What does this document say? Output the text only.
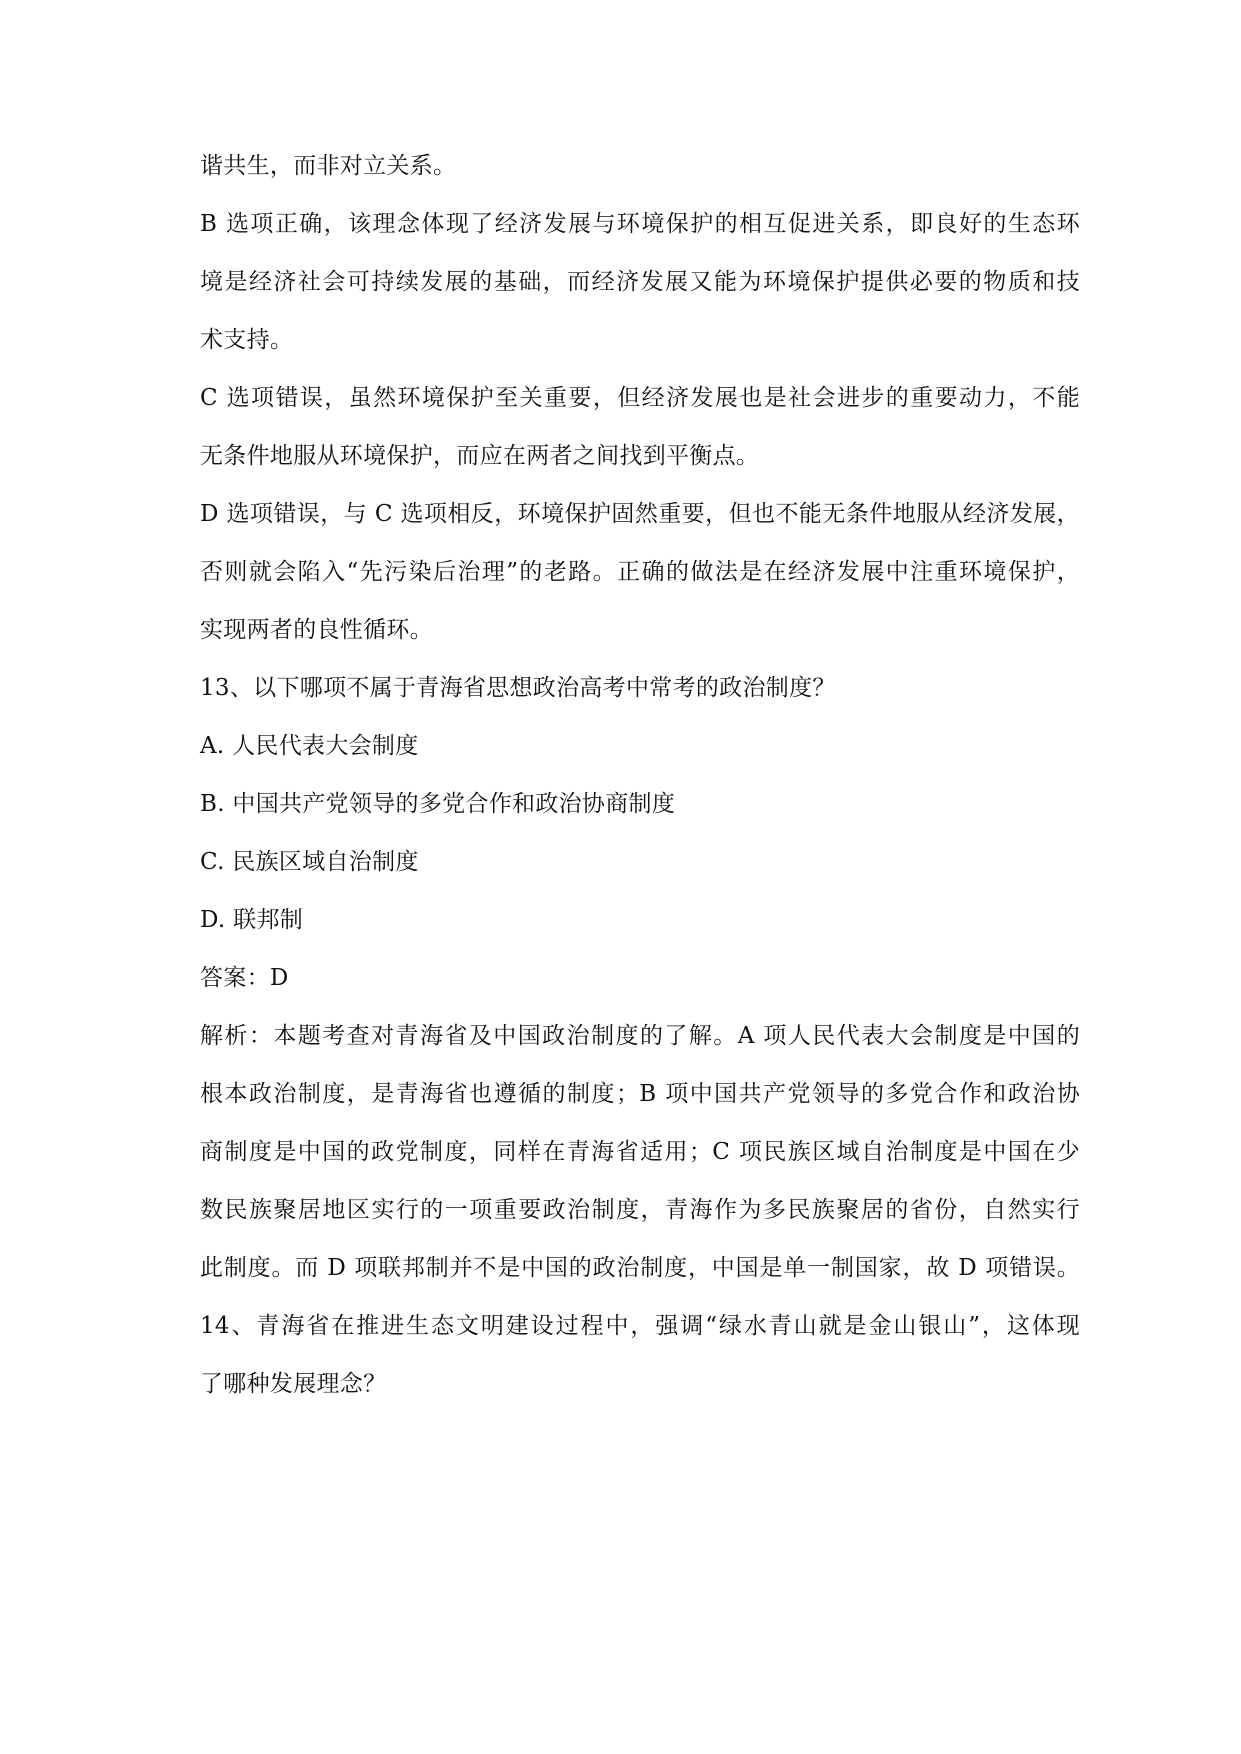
谐共生，而非对立关系。

B 选项正确，该理念体现了经济发展与环境保护的相互促进关系，即良好的生态环

境是经济社会可持续发展的基础，而经济发展又能为环境保护提供必要的物质和技

术支持。

C 选项错误，虽然环境保护至关重要，但经济发展也是社会进步的重要动力，不能

无条件地服从环境保护，而应在两者之间找到平衡点。

D 选项错误，与 C 选项相反，环境保护固然重要，但也不能无条件地服从经济发展，

否则就会陷入“先污染后治理”的老路。正确的做法是在经济发展中注重环境保护，

实现两者的良性循环。

13、以下哪项不属于青海省思想政治高考中常考的政治制度？

A. 人民代表大会制度

B. 中国共产党领导的多党合作和政治协商制度

C. 民族区域自治制度

D. 联邦制

答案：D

解析：本题考查对青海省及中国政治制度的了解。A 项人民代表大会制度是中国的

根本政治制度，是青海省也遵循的制度；B 项中国共产党领导的多党合作和政治协

商制度是中国的政党制度，同样在青海省适用；C 项民族区域自治制度是中国在少

数民族聚居地区实行的一项重要政治制度，青海作为多民族聚居的省份，自然实行

此制度。而 D 项联邦制并不是中国的政治制度，中国是单一制国家，故 D 项错误。

14、青海省在推进生态文明建设过程中，强调“绿水青山就是金山银山”，这体现

了哪种发展理念？
